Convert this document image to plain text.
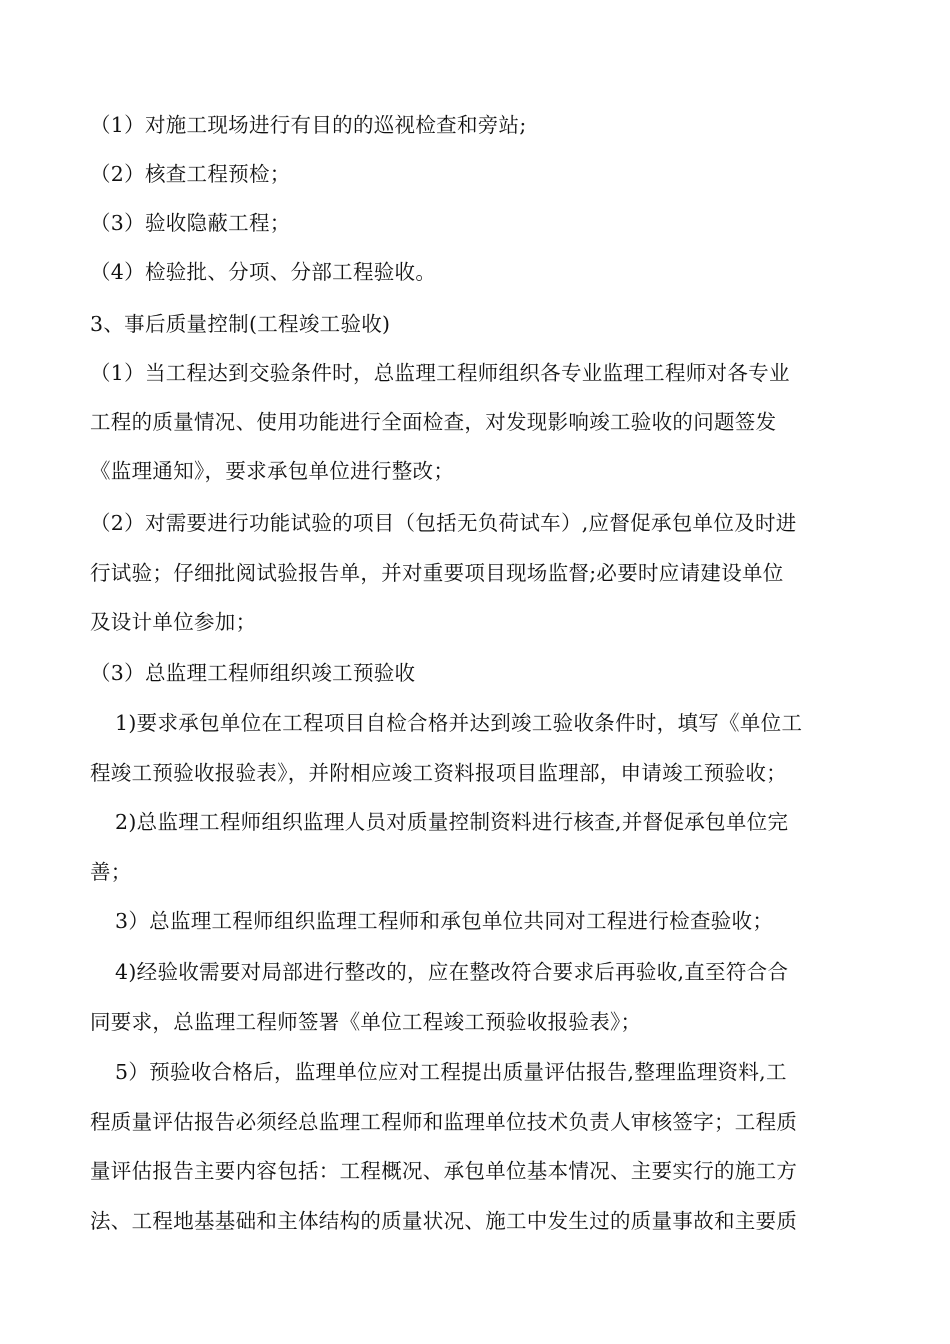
（1）对施工现场进行有目的的巡视检查和旁站;
（2）核查工程预检；
（3）验收隐蔽工程；
（4）检验批、分项、分部工程验收。
3、事后质量控制(工程竣工验收)
（1）当工程达到交验条件时，总监理工程师组织各专业监理工程师对各专业
工程的质量情况、使用功能进行全面检查，对发现影响竣工验收的问题签发
《监理通知》，要求承包单位进行整改；
（2）对需要进行功能试验的项目（包括无负荷试车）,应督促承包单位及时进
行试验；仔细批阅试验报告单，并对重要项目现场监督;必要时应请建设单位
及设计单位参加；
（3）总监理工程师组织竣工预验收
1)要求承包单位在工程项目自检合格并达到竣工验收条件时，填写《单位工
程竣工预验收报验表》，并附相应竣工资料报项目监理部，申请竣工预验收；
2)总监理工程师组织监理人员对质量控制资料进行核查,并督促承包单位完
善；
3）总监理工程师组织监理工程师和承包单位共同对工程进行检查验收；
4)经验收需要对局部进行整改的，应在整改符合要求后再验收,直至符合合
同要求，总监理工程师签署《单位工程竣工预验收报验表》；
5）预验收合格后，监理单位应对工程提出质量评估报告,整理监理资料,工
程质量评估报告必须经总监理工程师和监理单位技术负责人审核签字；工程质
量评估报告主要内容包括：工程概况、承包单位基本情况、主要实行的施工方
法、工程地基基础和主体结构的质量状况、施工中发生过的质量事故和主要质
